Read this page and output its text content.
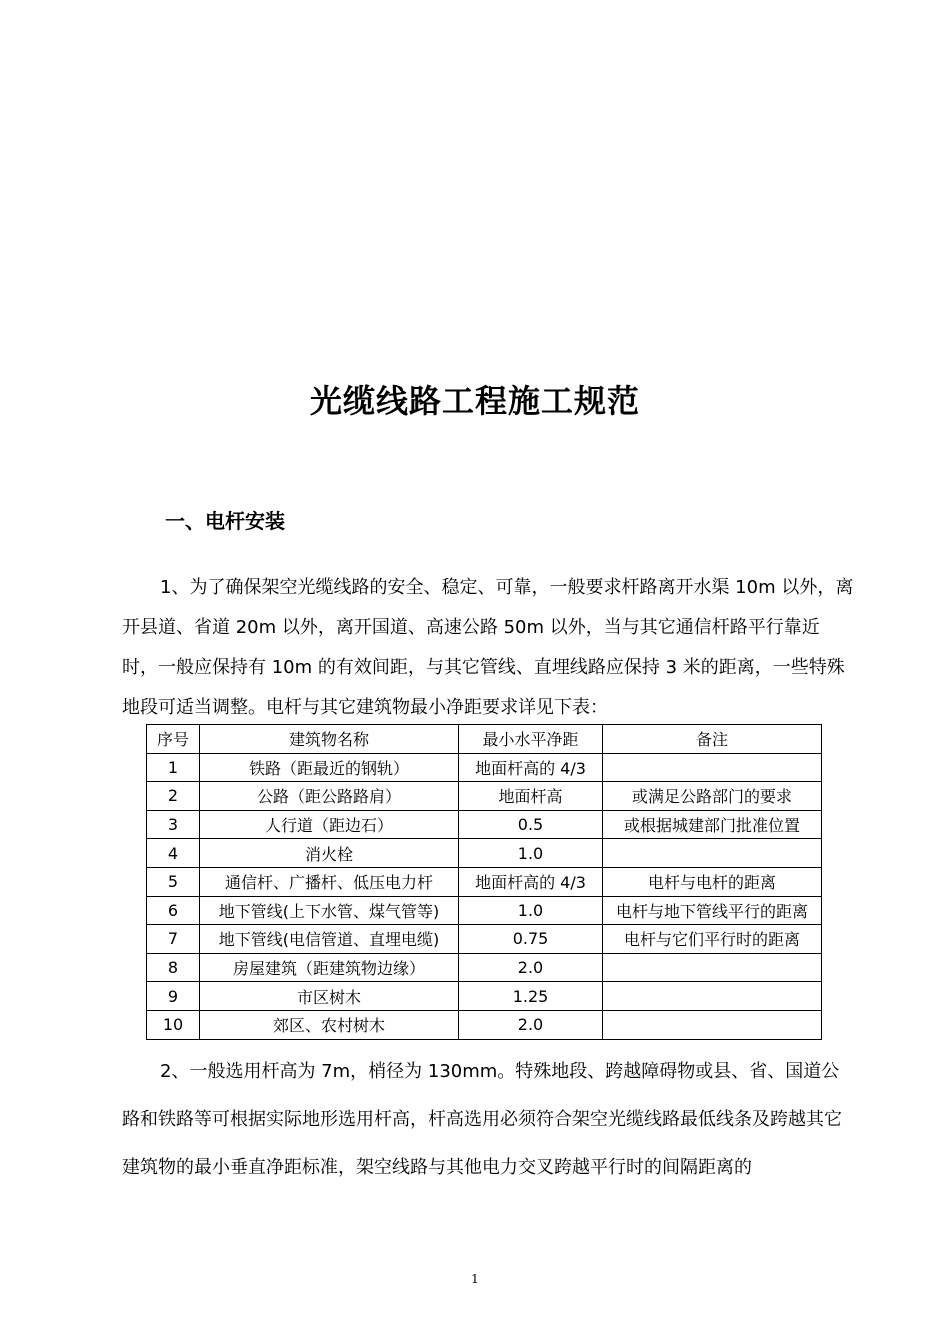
光缆线路工程施工规范
一、电杆安装
1、为了确保架空光缆线路的安全、稳定、可靠，一般要求杆路离开水渠 10m 以外，离开县道、省道 20m 以外，离开国道、高速公路 50m 以外，当与其它通信杆路平行靠近时，一般应保持有 10m 的有效间距，与其它管线、直埋线路应保持 3 米的距离，一些特殊地段可适当调整。电杆与其它建筑物最小净距要求详见下表：
序号	建筑物名称	最小水平净距	备注
1	铁路（距最近的钢轨）	地面杆高的 4/3	
2	公路（距公路路肩）	地面杆高	或满足公路部门的要求
3	人行道（距边石）	0.5	或根据城建部门批准位置
4	消火栓	1.0	
5	通信杆、广播杆、低压电力杆	地面杆高的 4/3	电杆与电杆的距离
6	地下管线(上下水管、煤气管等)	1.0	电杆与地下管线平行的距离
7	地下管线(电信管道、直埋电缆)	0.75	电杆与它们平行时的距离
8	房屋建筑（距建筑物边缘）	2.0	
9	市区树木	1.25	
10	郊区、农村树木	2.0	
2、一般选用杆高为 7m，梢径为 130mm。特殊地段、跨越障碍物或县、省、国道公路和铁路等可根据实际地形选用杆高，杆高选用必须符合架空光缆线路最低线条及跨越其它建筑物的最小垂直净距标准，架空线路与其他电力交叉跨越平行时的间隔距离的
1
